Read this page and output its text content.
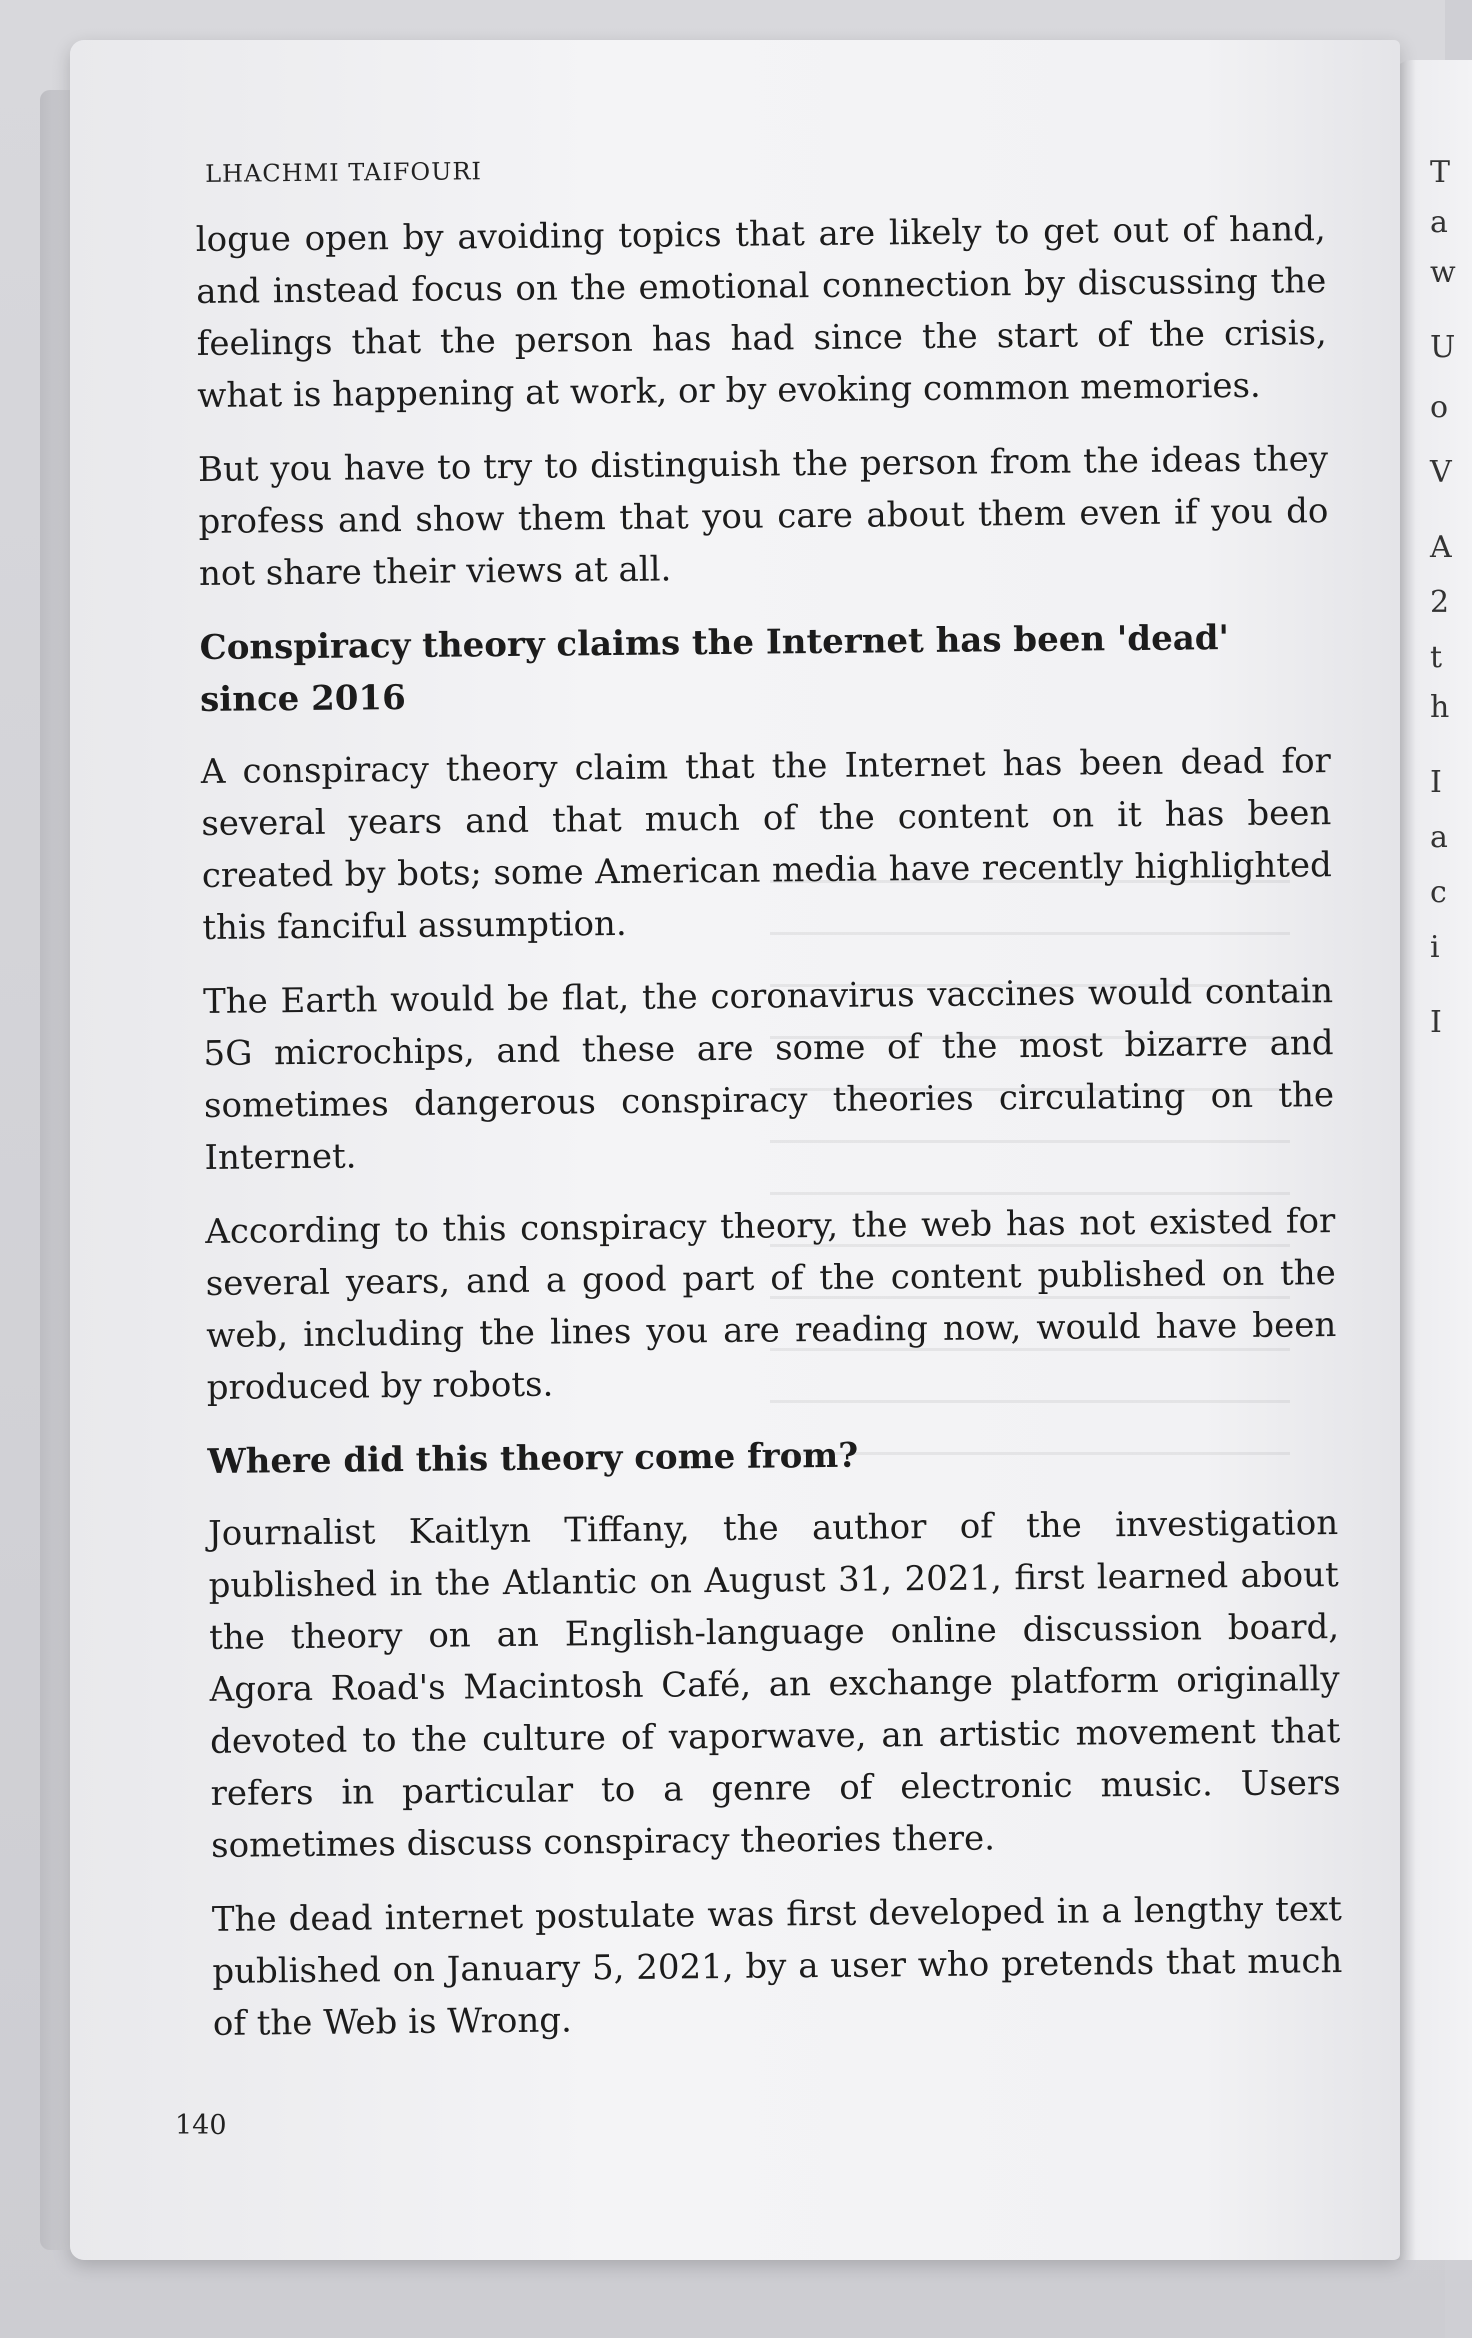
T
a
w
U
o
V
A
2
t
h
I
a
c
i
I
LHACHMI TAIFOURI

logue open by avoiding topics that are likely to get out of hand, and instead focus on the emotional connection by discussing the feelings that the person has had since the start of the crisis, what is happening at work, or by evoking common memories.

But you have to try to distinguish the person from the ideas they profess and show them that you care about them even if you do not share their views at all.

Conspiracy theory claims the Internet has been 'dead' since 2016

A conspiracy theory claim that the Internet has been dead for several years and that much of the content on it has been created by bots; some American media have recently highlighted this fanciful assumption.

The Earth would be flat, the coronavirus vaccines would contain 5G microchips, and these are some of the most bizarre and sometimes dangerous conspiracy theories circulating on the Internet.

According to this conspiracy theory, the web has not existed for several years, and a good part of the content published on the web, including the lines you are reading now, would have been produced by robots.

Where did this theory come from?

Journalist Kaitlyn Tiffany, the author of the investigation published in the Atlantic on August 31, 2021, first learned about the theory on an English-language online discussion board, Agora Road's Macintosh Café, an exchange platform originally devoted to the culture of vaporwave, an artistic movement that refers in particular to a genre of electronic music. Users sometimes discuss conspiracy theories there.

The dead internet postulate was first developed in a lengthy text published on January 5, 2021, by a user who pretends that much of the Web is Wrong.

140
